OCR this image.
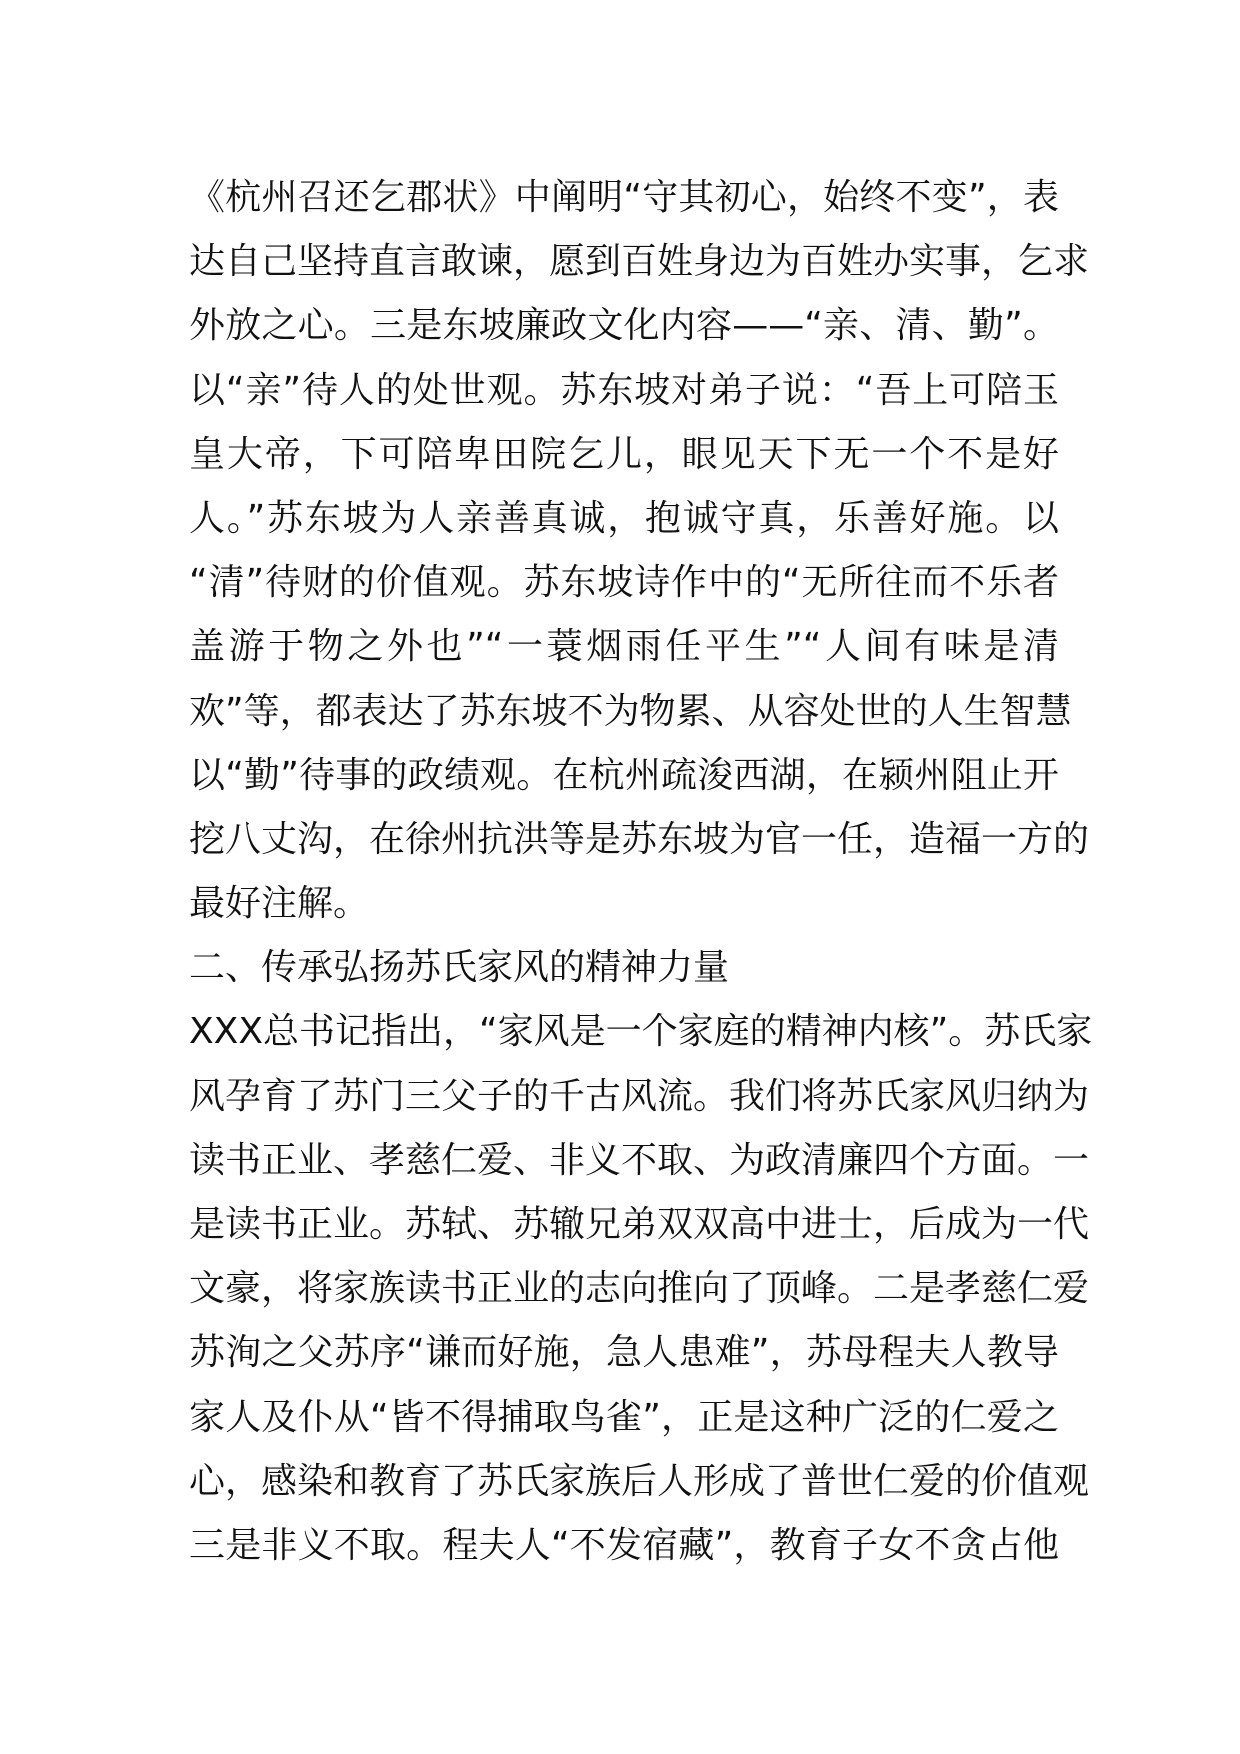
《杭州召还乞郡状》中阐明“守其初心，始终不变”，表
达自己坚持直言敢谏，愿到百姓身边为百姓办实事，乞求
外放之心。三是东坡廉政文化内容——“亲、清、勤”。
以“亲”待人的处世观。苏东坡对弟子说：“吾上可陪玉
皇大帝，下可陪卑田院乞儿，眼见天下无一个不是好
人。”苏东坡为人亲善真诚，抱诚守真，乐善好施。以
“清”待财的价值观。苏东坡诗作中的“无所往而不乐者
盖游于物之外也”“一蓑烟雨任平生”“人间有味是清
欢”等，都表达了苏东坡不为物累、从容处世的人生智慧
以“勤”待事的政绩观。在杭州疏浚西湖，在颍州阻止开
挖八丈沟，在徐州抗洪等是苏东坡为官一任，造福一方的
最好注解。
二、传承弘扬苏氏家风的精神力量
XXX总书记指出，“家风是一个家庭的精神内核”。苏氏家
风孕育了苏门三父子的千古风流。我们将苏氏家风归纳为
读书正业、孝慈仁爱、非义不取、为政清廉四个方面。一
是读书正业。苏轼、苏辙兄弟双双高中进士，后成为一代
文豪，将家族读书正业的志向推向了顶峰。二是孝慈仁爱
苏洵之父苏序“谦而好施，急人患难”，苏母程夫人教导
家人及仆从“皆不得捕取鸟雀”，正是这种广泛的仁爱之
心，感染和教育了苏氏家族后人形成了普世仁爱的价值观
三是非义不取。程夫人“不发宿藏”，教育子女不贪占他
